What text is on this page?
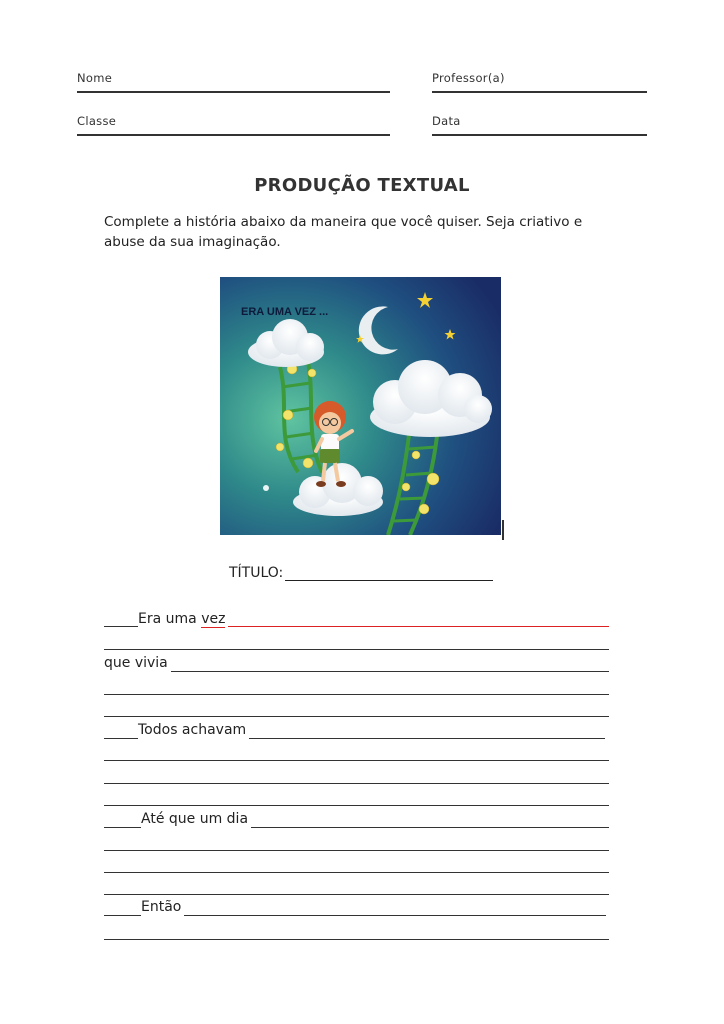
Nome	Professor(a)
Classe	Data
PRODUÇÃO TEXTUAL
Complete a história abaixo da maneira que você quiser. Seja criativo e abuse da sua imaginação.
ERA UMA VEZ ...
TÍTULO:
Era uma vez
que vivia
Todos achavam
Até que um dia
Então
